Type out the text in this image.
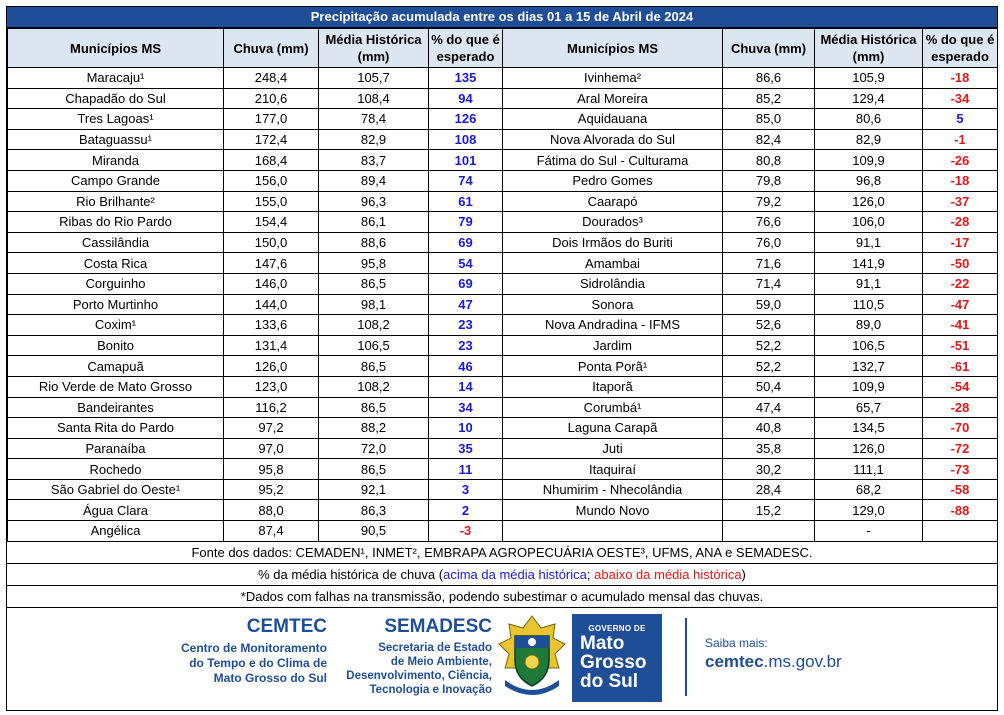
Precipitação acumulada entre os dias 01 a 15 de Abril de 2024
Municípios MS	Chuva (mm)	Média Histórica (mm)	% do que é esperado	Municípios MS	Chuva (mm)	Média Histórica (mm)	% do que é esperado
Maracaju¹	248,4	105,7	135	Ivinhema²	86,6	105,9	-18
Chapadão do Sul	210,6	108,4	94	Aral Moreira	85,2	129,4	-34
Tres Lagoas¹	177,0	78,4	126	Aquidauana	85,0	80,6	5
Bataguassu¹	172,4	82,9	108	Nova Alvorada do Sul	82,4	82,9	-1
Miranda	168,4	83,7	101	Fátima do Sul - Culturama	80,8	109,9	-26
Campo Grande	156,0	89,4	74	Pedro Gomes	79,8	96,8	-18
Rio Brilhante²	155,0	96,3	61	Caarapó	79,2	126,0	-37
Ribas do Rio Pardo	154,4	86,1	79	Dourados³	76,6	106,0	-28
Cassilândia	150,0	88,6	69	Dois Irmãos do Buriti	76,0	91,1	-17
Costa Rica	147,6	95,8	54	Amambai	71,6	141,9	-50
Corguinho	146,0	86,5	69	Sidrolândia	71,4	91,1	-22
Porto Murtinho	144,0	98,1	47	Sonora	59,0	110,5	-47
Coxim¹	133,6	108,2	23	Nova Andradina - IFMS	52,6	89,0	-41
Bonito	131,4	106,5	23	Jardim	52,2	106,5	-51
Camapuã	126,0	86,5	46	Ponta Porã¹	52,2	132,7	-61
Rio Verde de Mato Grosso	123,0	108,2	14	Itaporã	50,4	109,9	-54
Bandeirantes	116,2	86,5	34	Corumbá¹	47,4	65,7	-28
Santa Rita do Pardo	97,2	88,2	10	Laguna Carapã	40,8	134,5	-70
Paranaíba	97,0	72,0	35	Juti	35,8	126,0	-72
Rochedo	95,8	86,5	11	Itaquiraí	30,2	111,1	-73
São Gabriel do Oeste¹	95,2	92,1	3	Nhumirim - Nhecolândia	28,4	68,2	-58
Água Clara	88,0	86,3	2	Mundo Novo	15,2	129,0	-88
Angélica	87,4	90,5	-3			-	
Fonte dos dados: CEMADEN¹, INMET², EMBRAPA AGROPECUÁRIA OESTE³, UFMS, ANA e SEMADESC.
% da média histórica de chuva (acima da média histórica; abaixo da média histórica)
*Dados com falhas na transmissão, podendo subestimar o acumulado mensal das chuvas.
CEMTEC
Centro de Monitoramento
do Tempo e do Clima de
Mato Grosso do Sul
SEMADESC
Secretaria de Estado
de Meio Ambiente,
Desenvolvimento, Ciência,
Tecnologia e Inovação
GOVERNO DE
Mato
Grosso
do Sul
Saiba mais:
cemtec.ms.gov.br
